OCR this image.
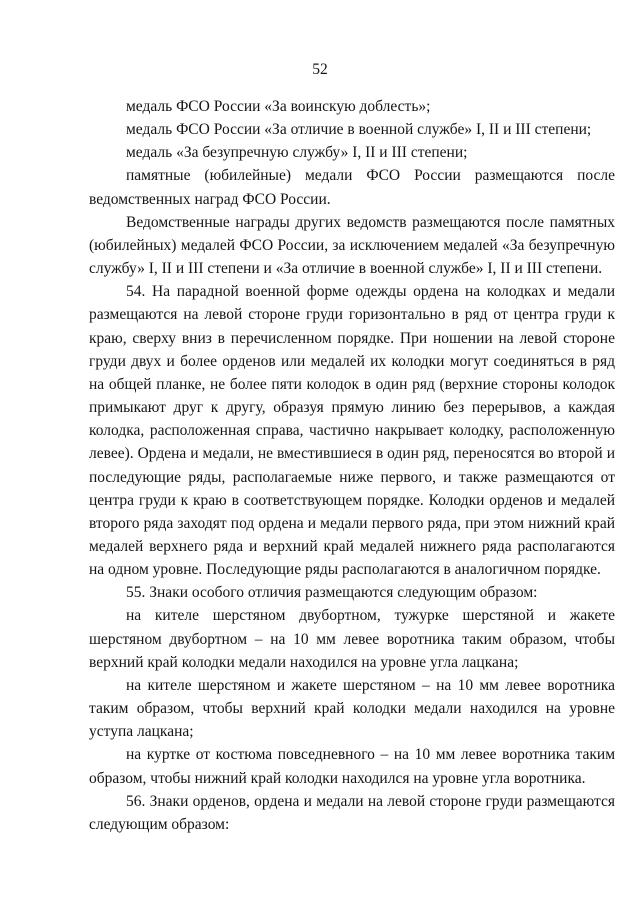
52

медаль ФСО России «За воинскую доблесть»;

медаль ФСО России «За отличие в военной службе» I, II и III степени;

медаль «За безупречную службу» I, II и III степени;

памятные (юбилейные) медали ФСО России размещаются после ведомственных наград ФСО России.

Ведомственные награды других ведомств размещаются после памятных (юбилейных) медалей ФСО России, за исключением медалей «За безупречную службу» I, II и III степени и «За отличие в военной службе» I, II и III степени.

54. На парадной военной форме одежды ордена на колодках и медали размещаются на левой стороне груди горизонтально в ряд от центра груди к краю, сверху вниз в перечисленном порядке. При ношении на левой стороне груди двух и более орденов или медалей их колодки могут соединяться в ряд на общей планке, не более пяти колодок в один ряд (верхние стороны колодок примыкают друг к другу, образуя прямую линию без перерывов, а каждая колодка, расположенная справа, частично накрывает колодку, расположенную левее). Ордена и медали, не вместившиеся в один ряд, переносятся во второй и последующие ряды, располагаемые ниже первого, и также размещаются от центра груди к краю в соответствующем порядке. Колодки орденов и медалей второго ряда заходят под ордена и медали первого ряда, при этом нижний край медалей верхнего ряда и верхний край медалей нижнего ряда располагаются на одном уровне. Последующие ряды располагаются в аналогичном порядке.

55. Знаки особого отличия размещаются следующим образом:

на кителе шерстяном двубортном, тужурке шерстяной и жакете шерстяном двубортном – на 10 мм левее воротника таким образом, чтобы верхний край колодки медали находился на уровне угла лацкана;

на кителе шерстяном и жакете шерстяном – на 10 мм левее воротника таким образом, чтобы верхний край колодки медали находился на уровне уступа лацкана;

на куртке от костюма повседневного – на 10 мм левее воротника таким образом, чтобы нижний край колодки находился на уровне угла воротника.

56. Знаки орденов, ордена и медали на левой стороне груди размещаются следующим образом:
